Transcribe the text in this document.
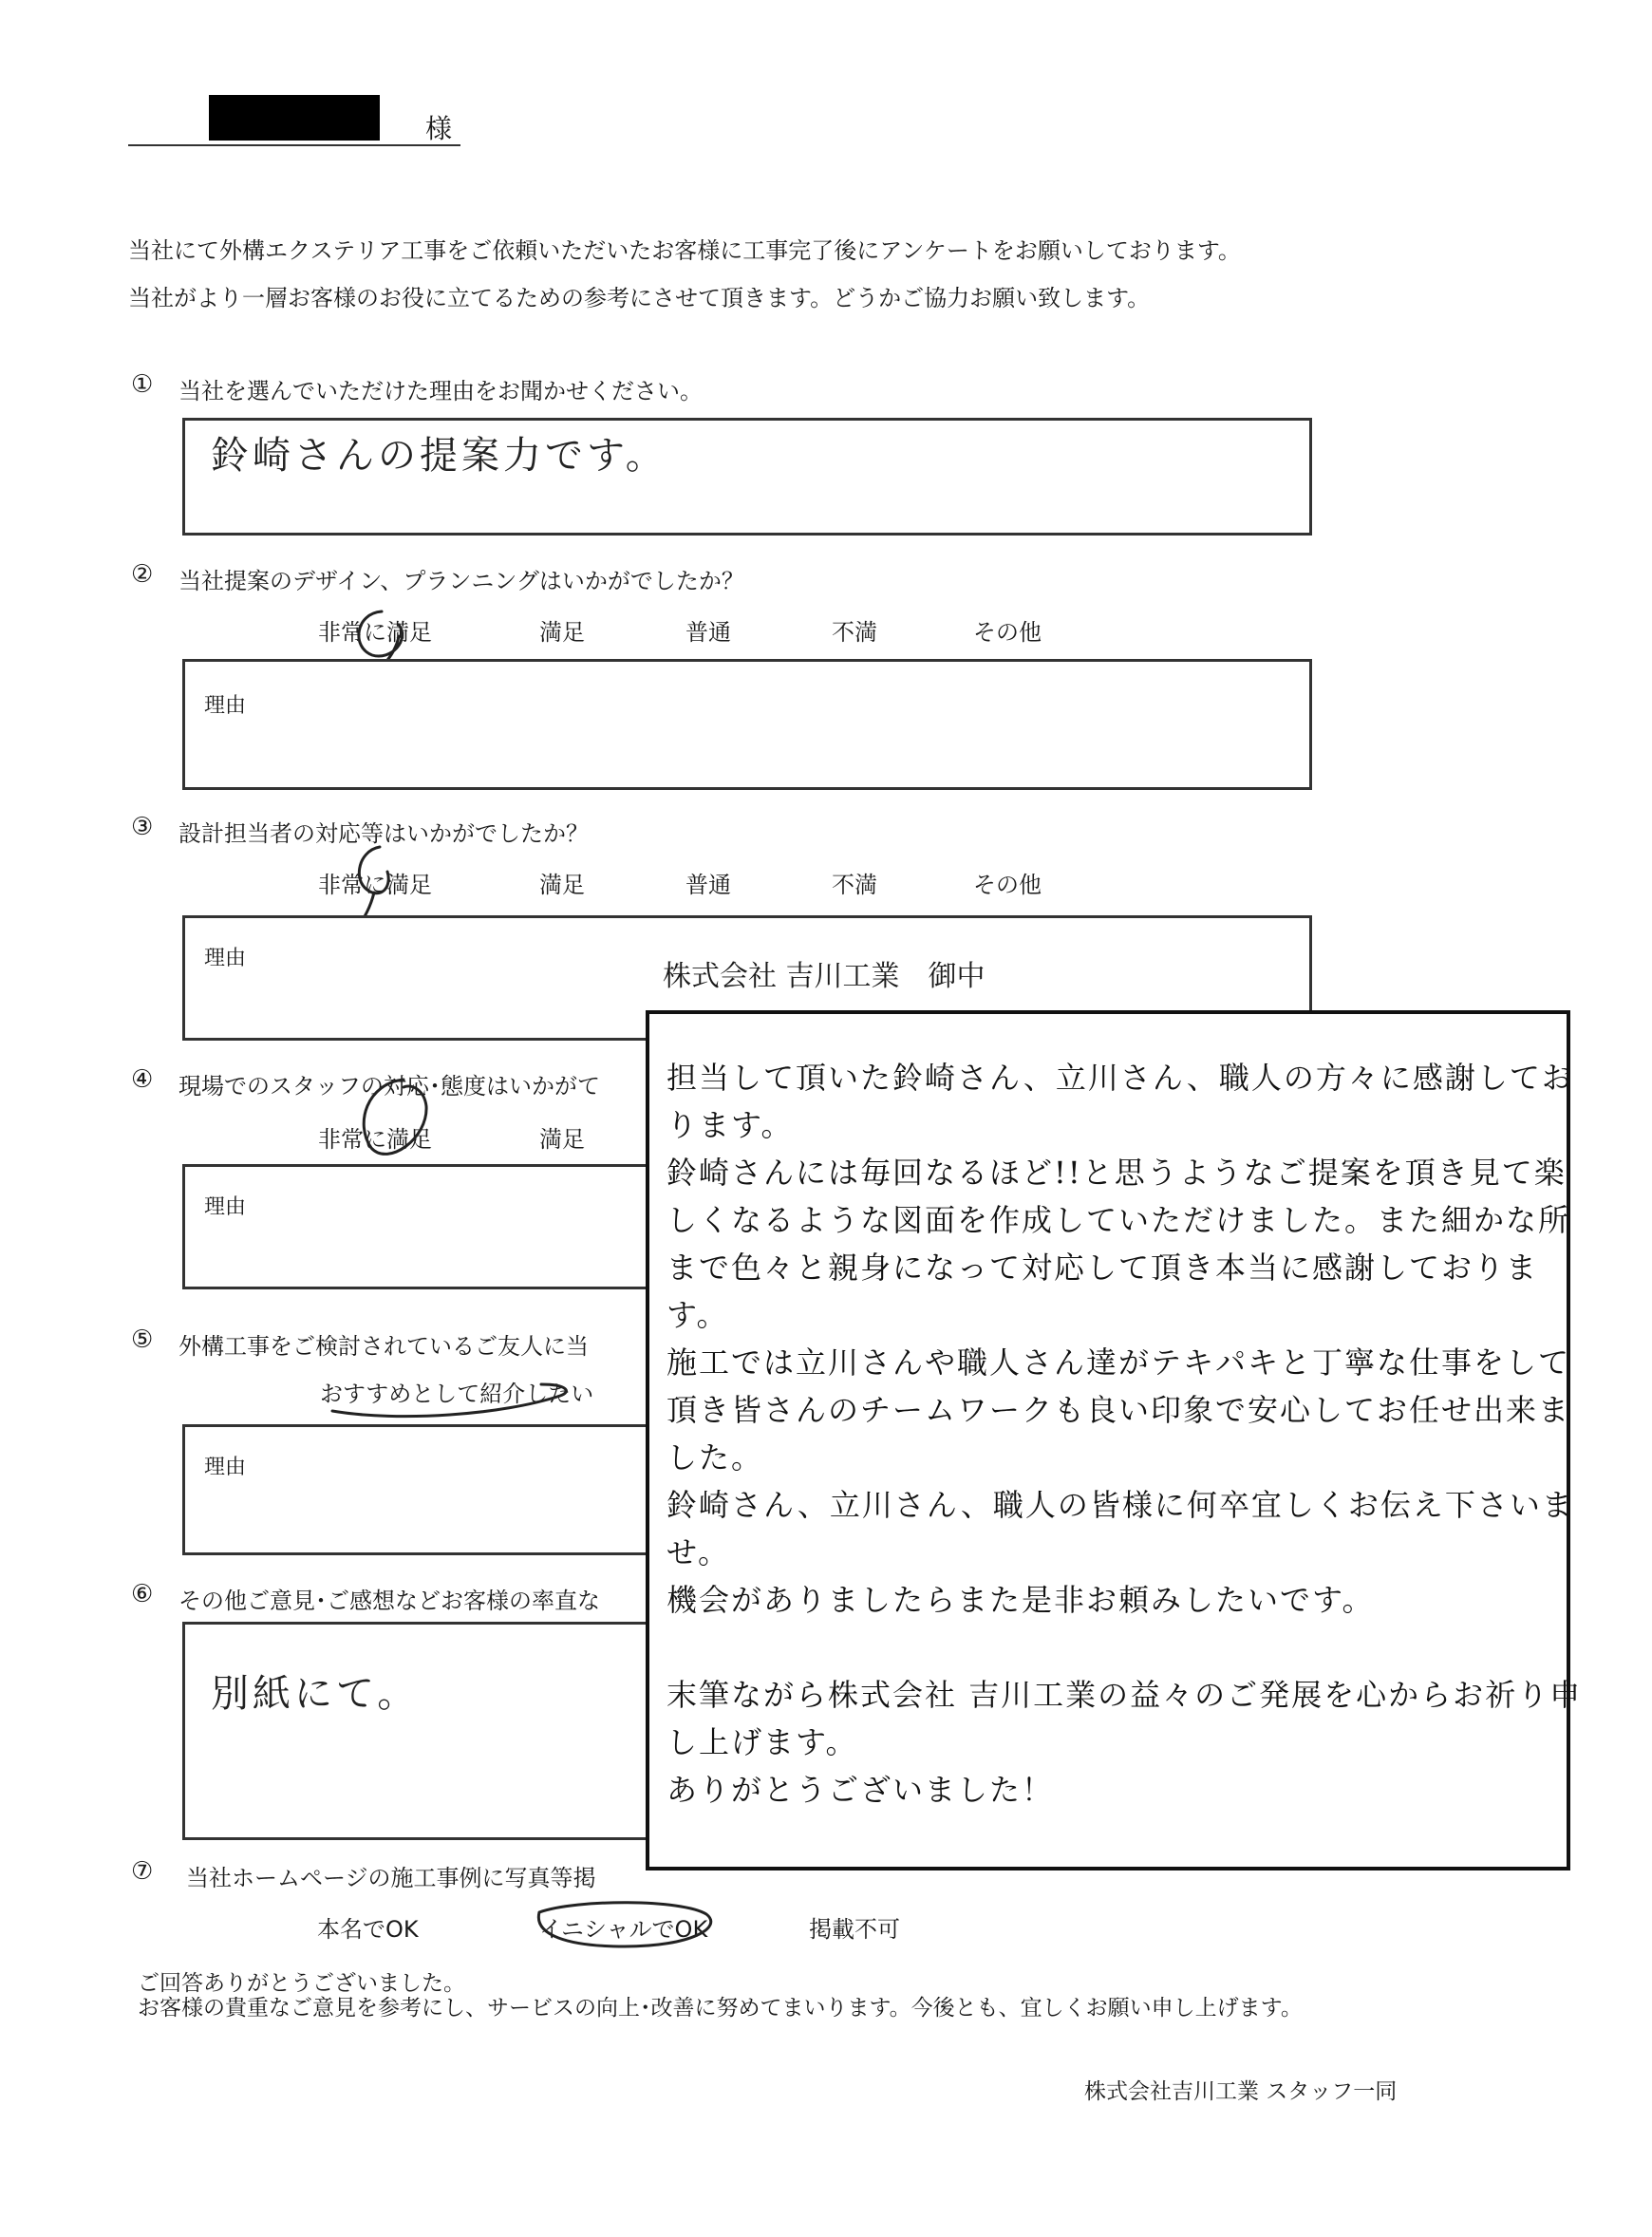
様
当社にて外構エクステリア工事をご依頼いただいたお客様に工事完了後にアンケートをお願いしております。
当社がより一層お客様のお役に立てるための参考にさせて頂きます。どうかご協力お願い致します。
① 当社を選んでいただけた理由をお聞かせください。
鈴崎さんの提案力です。
② 当社提案のデザイン、プランニングはいかがでしたか？
非常に満足	満足	普通	不満	その他
理由
③ 設計担当者の対応等はいかがでしたか？
非常に満足	満足	普通	不満	その他
理由
④ 現場でのスタッフの対応･態度はいかがて
非常に満足	満足
理由
⑤ 外構工事をご検討されているご友人に当
おすすめとして紹介したい
理由
⑥ その他ご意見･ご感想などお客様の率直な
別紙にて。
⑦ 当社ホームページの施工事例に写真等掲
本名でOK	イニシャルでOK	掲載不可
ご回答ありがとうございました。
お客様の貴重なご意見を参考にし、サービスの向上･改善に努めてまいります。今後とも、宜しくお願い申し上げます。
株式会社吉川工業 スタッフ一同
株式会社 吉川工業　御中
担当して頂いた鈴崎さん、立川さん、職人の方々に感謝してお
ります。
鈴崎さんには毎回なるほど!!と思うようなご提案を頂き見て楽
しくなるような図面を作成していただけました。また細かな所
まで色々と親身になって対応して頂き本当に感謝しておりま
す。
施工では立川さんや職人さん達がテキパキと丁寧な仕事をして
頂き皆さんのチームワークも良い印象で安心してお任せ出来ま
した。
鈴崎さん、立川さん、職人の皆様に何卒宜しくお伝え下さいま
せ。
機会がありましたらまた是非お頼みしたいです。
末筆ながら株式会社 吉川工業の益々のご発展を心からお祈り申
し上げます。
ありがとうございました！
